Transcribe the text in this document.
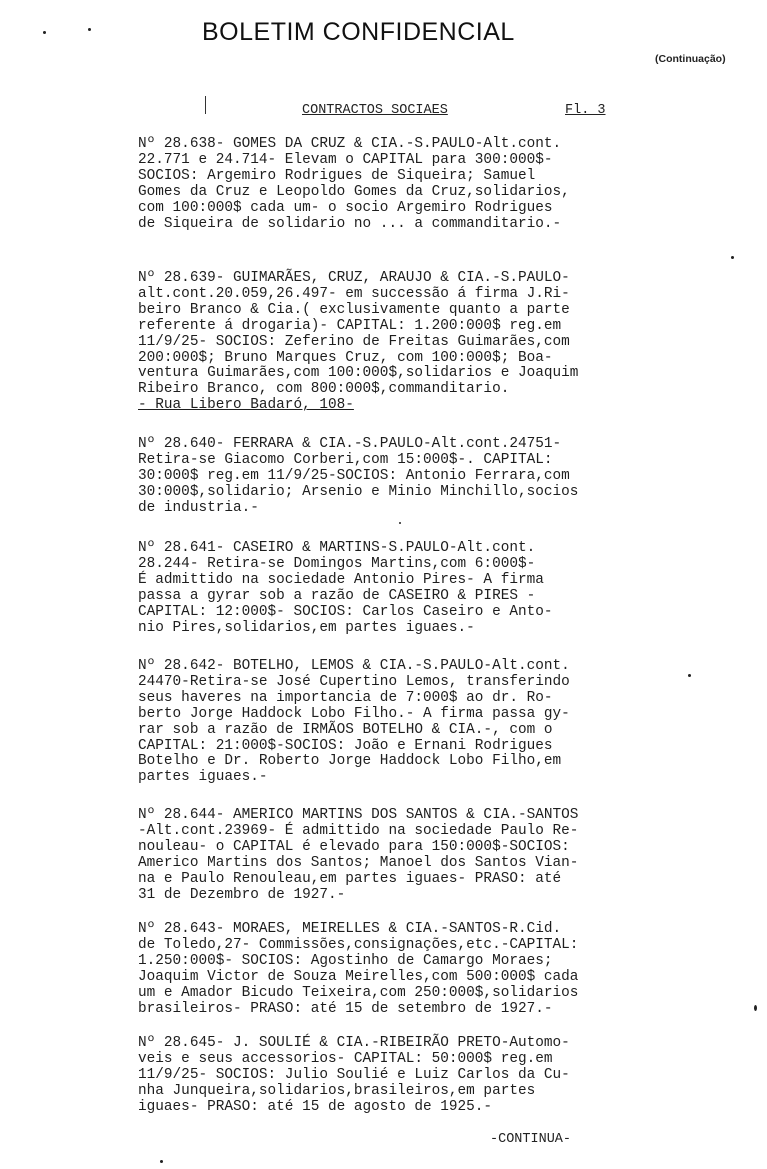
BOLETIM CONFIDENCIAL
(Continuação)
CONTRACTOS SOCIAES	Fl. 3
Nº 28.638- GOMES DA CRUZ & CIA.-S.PAULO-Alt.cont.
22.771 e 24.714- Elevam o CAPITAL para 300:000$-
SOCIOS: Argemiro Rodrigues de Siqueira; Samuel
Gomes da Cruz e Leopoldo Gomes da Cruz,solidarios,
com 100:000$ cada um- o socio Argemiro Rodrigues
de Siqueira de solidario no ... a commanditario.-
Nº 28.639- GUIMARÃES, CRUZ, ARAUJO & CIA.-S.PAULO-
alt.cont.20.059,26.497- em successão á firma J.Ri-
beiro Branco & Cia.( exclusivamente quanto a parte
referente á drogaria)- CAPITAL: 1.200:000$ reg.em
11/9/25- SOCIOS: Zeferino de Freitas Guimarães,com
200:000$; Bruno Marques Cruz, com 100:000$; Boa-
ventura Guimarães,com 100:000$,solidarios e Joaquim
Ribeiro Branco, com 800:000$,commanditario.
- Rua Libero Badaró, 108-
Nº 28.640- FERRARA & CIA.-S.PAULO-Alt.cont.24751-
Retira-se Giacomo Corberi,com 15:000$-. CAPITAL:
30:000$ reg.em 11/9/25-SOCIOS: Antonio Ferrara,com
30:000$,solidario; Arsenio e Minio Minchillo,socios
de industria.-
Nº 28.641- CASEIRO & MARTINS-S.PAULO-Alt.cont.
28.244- Retira-se Domingos Martins,com 6:000$-
É admittido na sociedade Antonio Pires- A firma
passa a gyrar sob a razão de CASEIRO & PIRES -
CAPITAL: 12:000$- SOCIOS: Carlos Caseiro e Anto-
nio Pires,solidarios,em partes iguaes.-
Nº 28.642- BOTELHO, LEMOS & CIA.-S.PAULO-Alt.cont.
24470-Retira-se José Cupertino Lemos, transferindo
seus haveres na importancia de 7:000$ ao dr. Ro-
berto Jorge Haddock Lobo Filho.- A firma passa gy-
rar sob a razão de IRMÃOS BOTELHO & CIA.-, com o
CAPITAL: 21:000$-SOCIOS: João e Ernani Rodrigues
Botelho e Dr. Roberto Jorge Haddock Lobo Filho,em
partes iguaes.-
Nº 28.644- AMERICO MARTINS DOS SANTOS & CIA.-SANTOS
-Alt.cont.23969- É admittido na sociedade Paulo Re-
nouleau- o CAPITAL é elevado para 150:000$-SOCIOS:
Americo Martins dos Santos; Manoel dos Santos Vian-
na e Paulo Renouleau,em partes iguaes- PRASO: até
31 de Dezembro de 1927.-
Nº 28.643- MORAES, MEIRELLES & CIA.-SANTOS-R.Cid.
de Toledo,27- Commissões,consignações,etc.-CAPITAL:
1.250:000$- SOCIOS: Agostinho de Camargo Moraes;
Joaquim Victor de Souza Meirelles,com 500:000$ cada
um e Amador Bicudo Teixeira,com 250:000$,solidarios
brasileiros- PRASO: até 15 de setembro de 1927.-
Nº 28.645- J. SOULIÉ & CIA.-RIBEIRÃO PRETO-Automo-
veis e seus accessorios- CAPITAL: 50:000$ reg.em
11/9/25- SOCIOS: Julio Soulié e Luiz Carlos da Cu-
nha Junqueira,solidarios,brasileiros,em partes
iguaes- PRASO: até 15 de agosto de 1925.-
-CONTINUA-
